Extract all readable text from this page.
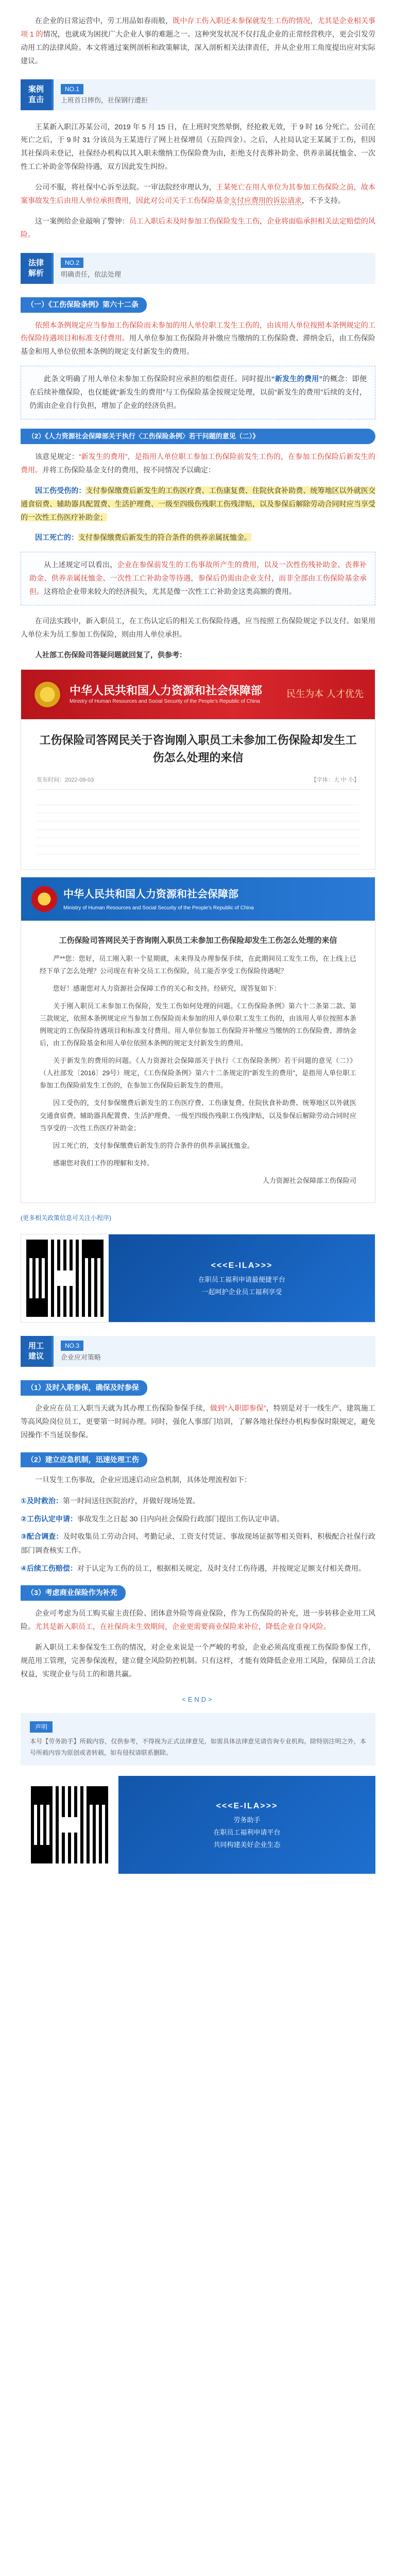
在企业的日常运营中，劳工用品如春雨般，既中存工伤入职还未参保就发生工伤的情况，尤其是企业相关事项 1 的情况，也就成为困扰广大企业人事的难题之一。这种突发状况不仅打乱企业的正常经营秩序，更会引发劳动用工的法律风险。本文将通过案例剖析和政策解读，深入剖析相关法律责任，并从企业用工角度提出应对实际建议。

案例
直击
NO.1
上班首日摔伤，社保钢行遭拒

王某新入职江苏某公司，2019 年 5 月 15 日，在上班时突然晕倒，经抢救无效，于 9 时 16 分死亡。公司在死亡之后，于 9 时 31 分该员为王某进行了网上社保增员（五险四金）。之后，人社局认定王某属于工伤，但因其社保尚未登记，社保经办机构以其入职未缴纳工伤保险费为由，拒绝支付丧葬补助金、供养亲属抚恤金、一次性工亡补助金等保险待遇，双方因此发生纠纷。

公司不服，将社保中心诉至法院。一审法院经审理认为，王某死亡在用人单位为其参加工伤保险之前，故本案事故发生后由用人单位承担费用，因此对公司关于工伤保险基金支付应费用的诉讼请求，不予支持。

这一案例给企业敲响了警钟：员工入职后未及时参加工伤保险发生工伤，企业将面临承担相关法定赔偿的风险。

法律
解析
NO.2
明确责任，依法处理
（一）《工伤保险条例》第六十二条

依照本条例规定应当参加工伤保险而未参加的用人单位职工发生工伤的，由该用人单位按照本条例规定的工伤保险待遇项目和标准支付费用。用人单位参加工伤保险并补缴应当缴纳的工伤保险费、滞纳金后，由工伤保险基金和用人单位依照本条例的规定支付新发生的费用。

此条文明确了用人单位未参加工伤保险时应承担的赔偿责任。同时提出“新发生的费用”的概念：即便在后续补缴保险，也仅能就“新发生的费用”与工伤保险基金按规定处理，以前“新发生的费用”后续的支付，仍需由企业自行负担，增加了企业的经济负担。

（2）《人力资源社会保障部关于执行〈工伤保险条例〉若干问题的意见（二）》

该意见规定：“新发生的费用”，是指用人单位职工参加工伤保险前发生工伤的，在参加工伤保险后新发生的费用。并将工伤保险基金支付的费用，按不同情况予以确定：

因工伤受伤的：支付参保缴费后新发生的工伤医疗费、工伤康复费、住院伙食补助费、统筹地区以外就医交通食宿费、辅助器具配置费、生活护理费、一级至四级伤残职工伤残津贴，以及参保后解除劳动合同时应当享受的一次性工伤医疗补助金；

因工死亡的：支付参保缴费后新发生的符合条件的供养亲属抚恤金。

从上述规定可以看出，企业在参保前发生的工伤事故所产生的费用，以及一次性伤残补助金、丧葬补助金、供养亲属抚恤金、一次性工亡补助金等待遇，参保后仍需由企业支付，而非全部由工伤保险基金承担。这将给企业带来较大的经济损失，尤其是像一次性工亡补助金这类高额的费用。

在司法实践中，新入职员工，在工伤认定后的相关工伤保险待遇，应当按照工伤保险规定予以支付。如果用人单位未为员工参加工伤保险，则由用人单位承担。

人社部工伤保险司答疑问题就回复了，供参考：

中华人民共和国人力资源和社会保障部
Ministry of Human Resources and Social Security of the People's Republic of China
民生为本 人才优先
工伤保险司答网民关于咨询刚入职员工未参加工伤保险却发生工伤怎么处理的来信
发布时间：2022-09-03	【字体：大 中 小】
中华人民共和国人力资源和社会保障部
Ministry of Human Resources and Social Security of the People's Republic of China
工伤保险司答网民关于咨询刚入职员工未参加工伤保险却发生工伤怎么处理的来信

严**您：您好，员工刚入职一个星期就，未来得及办理参保手续，在此期间员工发生工伤，在上线上已经下单了怎么处理？公司现在有补交员工工伤保险，员工能否享受工伤保险待遇呢？

您好！感谢您对人力资源社会保障工作的关心和支持。经研究，现答复如下：

关于刚入职员工未参加工伤保险，发生工伤如何处理的问题。《工伤保险条例》第六十二条第二款、第三款规定，依照本条例规定应当参加工伤保险而未参加的用人单位职工发生工伤的，由该用人单位按照本条例规定的工伤保险待遇项目和标准支付费用。用人单位参加工伤保险并补缴应当缴纳的工伤保险费、滞纳金后，由工伤保险基金和用人单位依照本条例的规定支付新发生的费用。

关于新发生的费用的问题。《人力资源社会保障部关于执行〈工伤保险条例〉若干问题的意见（二）》（人社部发〔2016〕29号）规定，《工伤保险条例》第六十二条规定的“新发生的费用”，是指用人单位职工参加工伤保险前发生工伤的，在参加工伤保险后新发生的费用。

因工受伤的，支付参保缴费后新发生的工伤医疗费、工伤康复费、住院伙食补助费、统筹地区以外就医交通食宿费、辅助器具配置费、生活护理费、一级至四级伤残职工伤残津贴，以及参保后解除劳动合同时应当享受的一次性工伤医疗补助金；

因工死亡的，支付参保缴费后新发生的符合条件的供养亲属抚恤金。

感谢您对我们工作的理解和支持。

人力资源社会保障部工伤保险司

(更多相关政策信息可关注小程序)

<<<E-ILA>>>
在职员工福利申请最便捷平台
一起呵护企业员工福利享受
用工
建议
NO.3
企业应对策略
（1）及时入职参保，确保及时参保

企业应在员工入职当天就为其办理工伤保险参保手续，做到“入职即参保”，特别是对于一线生产、建筑施工等高风险岗位员工，更要第一时间办理。同时，强化人事部门培训，了解各地社保经办机构参保时限规定，避免因操作不当延误参保。

（2）建立应急机制，迅速处理工伤

一旦发生工伤事故，企业应迅速启动应急机制，具体处理流程如下：

①及时救治：第一时间送往医院治疗，并做好现场处置。
②工伤认定申请：事故发生之日起 30 日内向社会保险行政部门提出工伤认定申请。
③配合调查：及时收集员工劳动合同、考勤记录、工资支付凭证、事故现场证据等相关资料，积极配合社保行政部门调查核实工作。
④后续工伤赔偿：对于认定为工伤的员工，根据相关规定，及时支付工伤待遇，并按规定足额支付相关费用。
（3）考虑商业保险作为补充

企业可考虑为员工购买雇主责任险、团体意外险等商业保险，作为工伤保险的补充，进一步转移企业用工风险。尤其是新入职员工，在社保尚未生效期间，企业更需要商业保险来补位，降低企业自身风险。

新入职员工未参保发生工伤的情况，对企业来说是一个严峻的考验，企业必须高度重视工伤保险参保工作，规范用工管理，完善参保流程，建立健全风险防控机制。只有这样，才能有效降低企业用工风险，保障员工合法权益，实现企业与员工的和谐共赢。

<END>
声明

本号【劳务助手】所载内容，仅供参考，不得视为正式法律意见，如需具体法律意见请咨询专业机构。除特别注明之外，本号所载内容为原创或者转载，如有侵权请联系删除。

<<<E-ILA>>>
劳务助手
在职员工福利申请平台
共同构建美好企业生态
